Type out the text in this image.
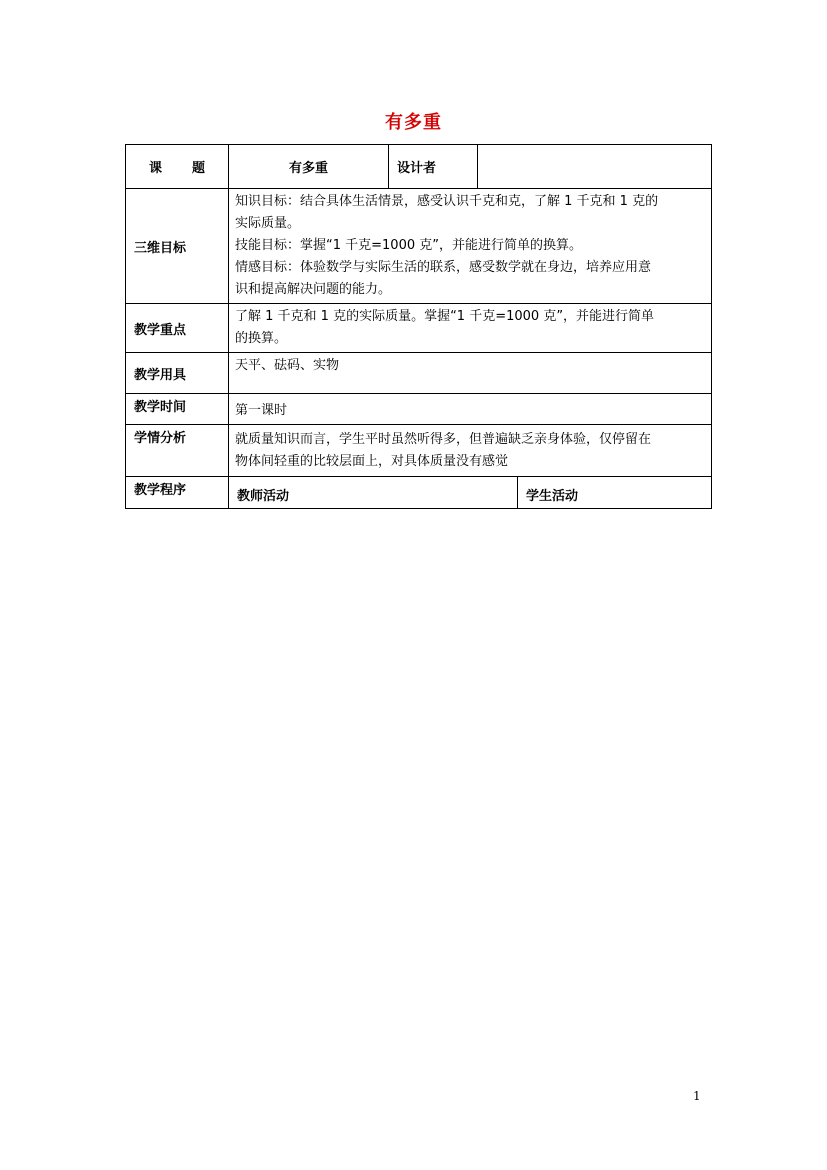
有多重
课 题	有多重	设计者		
三维目标	知识目标：结合具体生活情景，感受认识千克和克，了解 1 千克和 1 克的
实际质量。
技能目标：掌握“1 千克=1000 克”，并能进行简单的换算。
情感目标：体验数学与实际生活的联系，感受数学就在身边，培养应用意
识和提高解决问题的能力。			

教学重点	了解 1 千克和 1 克的实际质量。掌握“1 千克=1000 克”，并能进行简单
的换算。			

教学用具	天平、砝码、实物			
教学时间	第一课时			
学情分析	就质量知识而言，学生平时虽然听得多，但普遍缺乏亲身体验，仅停留在
物体间轻重的比较层面上，对具体质量没有感觉			

教学程序	教师活动			学生活动
1
